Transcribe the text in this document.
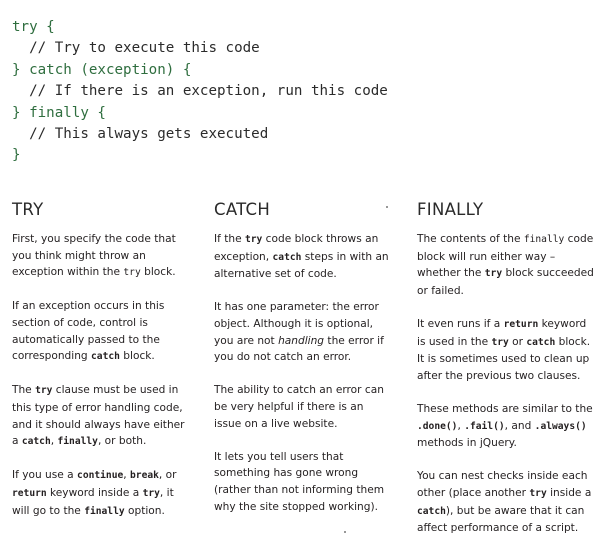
try {
// Try to execute this code
} catch (exception) {
// If there is an exception, run this code
} finally {
// This always gets executed
}
TRY

First, you specify the code that you think might throw an exception within the try block.

If an exception occurs in this section of code, control is automatically passed to the corresponding catch block.

The try clause must be used in this type of error handling code, and it should always have either a catch, finally, or both.

If you use a continue, break, or return keyword inside a try, it will go to the finally option.

CATCH

If the try code block throws an exception, catch steps in with an alternative set of code.

It has one parameter: the error object. Although it is optional, you are not handling the error if you do not catch an error.

The ability to catch an error can be very helpful if there is an issue on a live website.

It lets you tell users that something has gone wrong (rather than not informing them why the site stopped working).

FINALLY

The contents of the finally code block will run either way – whether the try block succeeded or failed.

It even runs if a return keyword is used in the try or catch block. It is sometimes used to clean up after the previous two clauses.

These methods are similar to the .done(), .fail(), and .always() methods in jQuery.

You can nest checks inside each other (place another try inside a catch), but be aware that it can affect performance of a script.
